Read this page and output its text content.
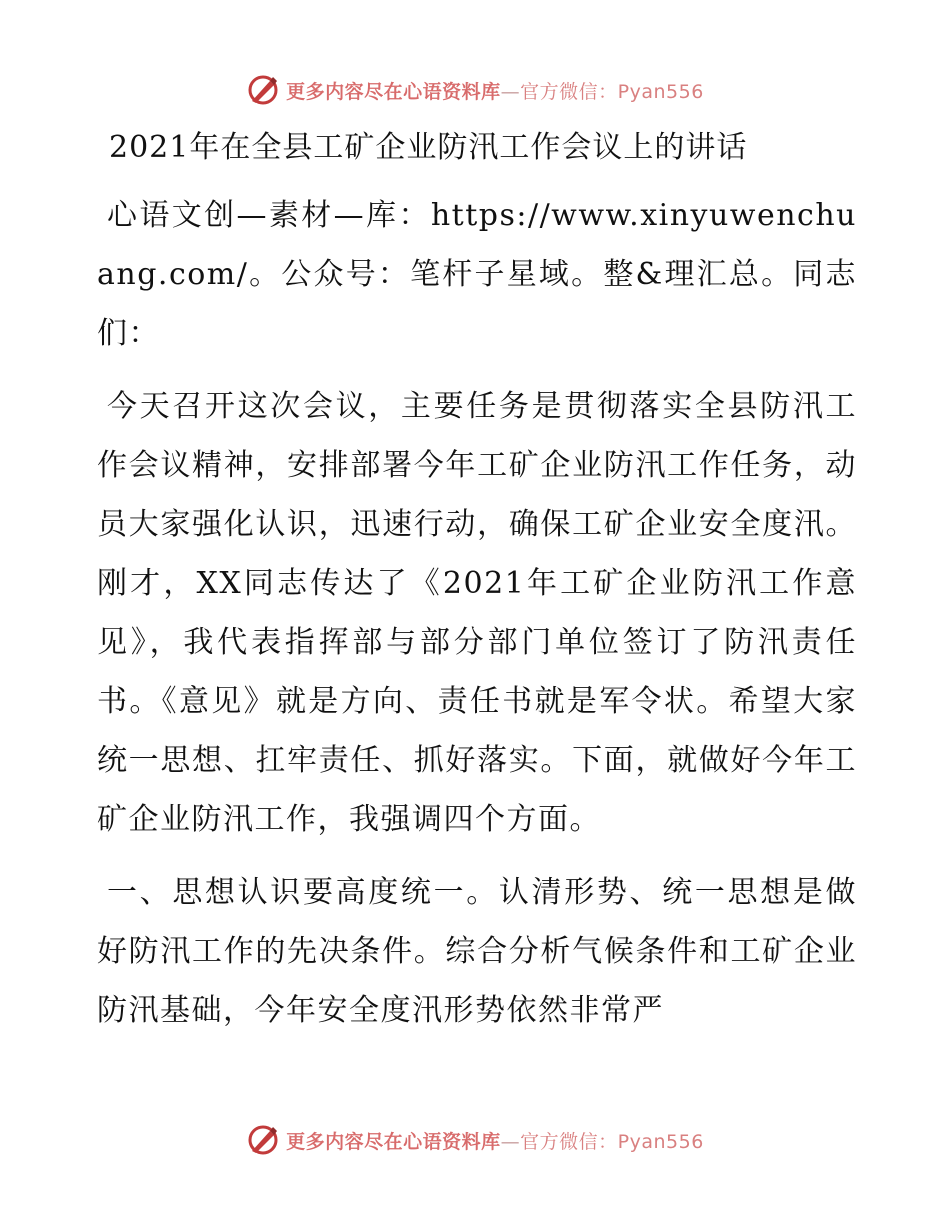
更多内容尽在心语资料库—官方微信：Pyan556
2021年在全县工矿企业防汛工作会议上的讲话

心语文创—素材—库：https://www.xinyuwenchuang.com/。公众号：笔杆子星域。整&理汇总。同志们：

今天召开这次会议，主要任务是贯彻落实全县防汛工作会议精神，安排部署今年工矿企业防汛工作任务，动员大家强化认识，迅速行动，确保工矿企业安全度汛。刚才，XX同志传达了《2021年工矿企业防汛工作意见》，我代表指挥部与部分部门单位签订了防汛责任书。《意见》就是方向、责任书就是军令状。希望大家统一思想、扛牢责任、抓好落实。下面，就做好今年工矿企业防汛工作，我强调四个方面。

一、思想认识要高度统一。认清形势、统一思想是做好防汛工作的先决条件。综合分析气候条件和工矿企业防汛基础，今年安全度汛形势依然非常严

更多内容尽在心语资料库—官方微信：Pyan556
